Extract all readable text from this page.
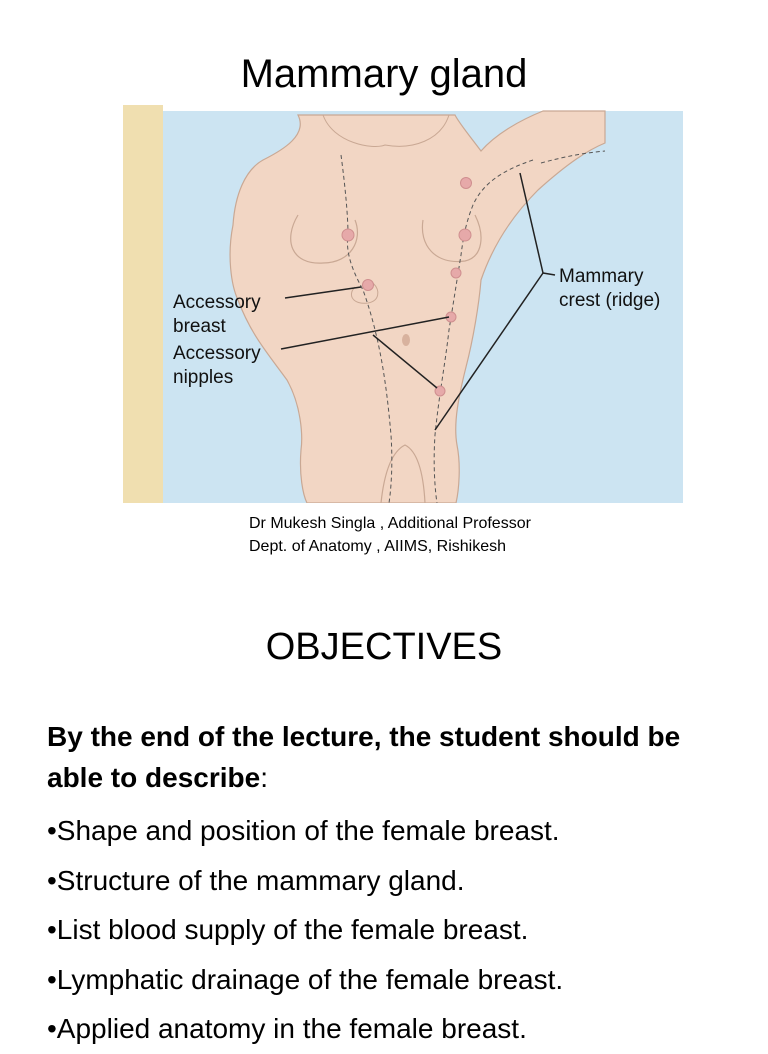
Mammary gland
Accessory
breast
Accessory
nipples
Mammary
crest (ridge)
Dr Mukesh Singla , Additional Professor
Dept. of Anatomy , AIIMS, Rishikesh
OBJECTIVES
By the end of the lecture, the student should be able to describe:
•Shape and position of the female breast.
•Structure of the mammary gland.
•List blood supply of the female breast.
•Lymphatic drainage of the female breast.
•Applied anatomy in the female breast.
